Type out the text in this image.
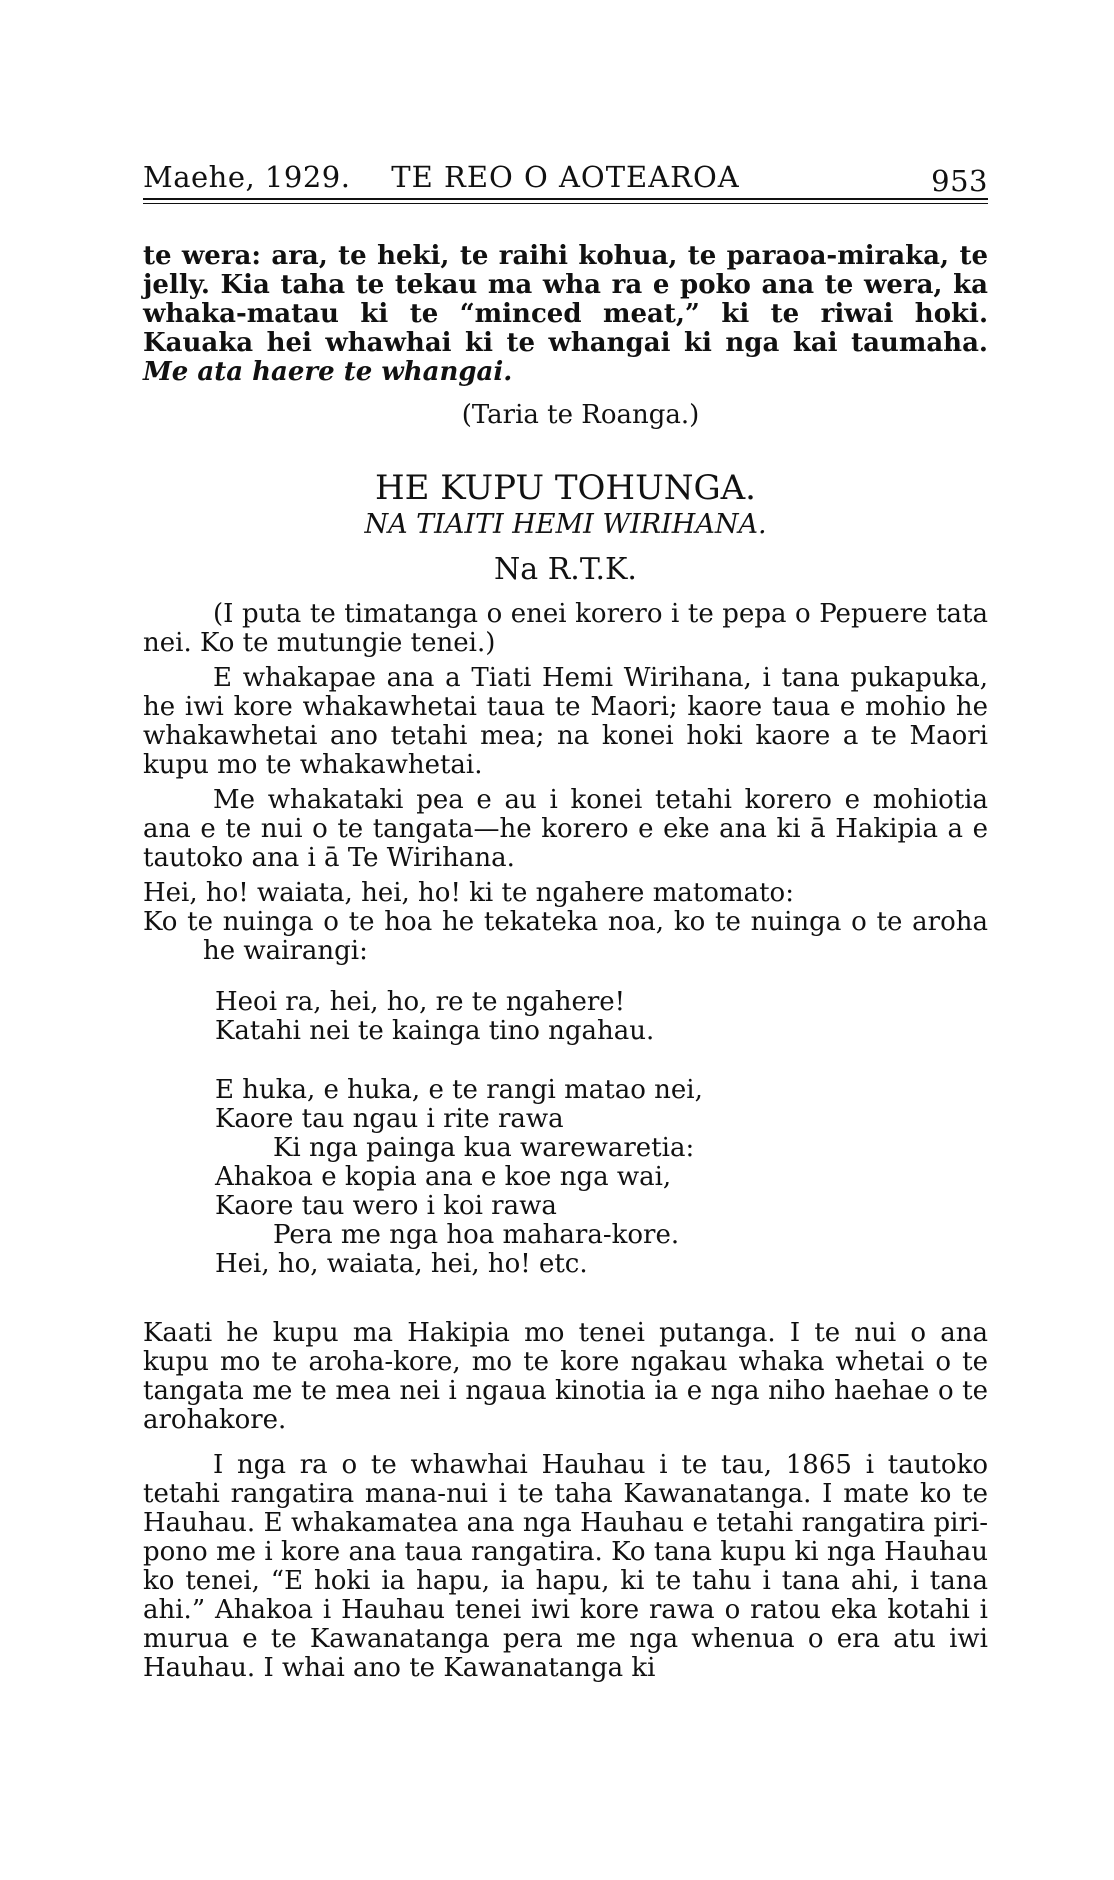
Maehe, 1929.	TE REO O AOTEAROA	953

te wera: ara, te heki, te raihi kohua, te paraoa-miraka, te jelly. Kia taha te tekau ma wha ra e poko ana te wera, ka whaka-matau ki te “minced meat,” ki te riwai hoki. Kauaka hei whawhai ki te whangai ki nga kai taumaha. Me ata haere te whangai.

(Taria te Roanga.)

HE KUPU TOHUNGA.
NA TIAITI HEMI WIRIHANA.
Na R.T.K.

(I puta te timatanga o enei korero i te pepa o Pepuere tata nei. Ko te mutungie tenei.)

E whakapae ana a Tiati Hemi Wirihana, i tana pukapuka, he iwi kore whakawhetai taua te Maori; kaore taua e mohio he whakawhetai ano tetahi mea; na konei hoki kaore a te Maori kupu mo te whakawhetai.

Me whakataki pea e au i konei tetahi korero e mohiotia ana e te nui o te tangata—he korero e eke ana ki ā Hakipia a e tautoko ana i ā Te Wirihana.

Hei, ho! waiata, hei, ho! ki te ngahere matomato:

Ko te nuinga o te hoa he tekateka noa, ko te nuinga o te aroha he wairangi:

Heoi ra, hei, ho, re te ngahere!
Katahi nei te kainga tino ngahau.
E huka, e huka, e te rangi matao nei,
Kaore tau ngau i rite rawa
Ki nga painga kua warewaretia:
Ahakoa e kopia ana e koe nga wai,
Kaore tau wero i koi rawa
Pera me nga hoa mahara-kore.
Hei, ho, waiata, hei, ho! etc.

Kaati he kupu ma Hakipia mo tenei putanga. I te nui o ana kupu mo te aroha-kore, mo te kore ngakau whaka whetai o te tangata me te mea nei i ngaua kinotia ia e nga niho haehae o te arohakore.

I nga ra o te whawhai Hauhau i te tau, 1865 i tautoko tetahi rangatira mana-nui i te taha Kawanatanga. I mate ko te Hauhau. E whakamatea ana nga Hauhau e tetahi rangatira piri-pono me i kore ana taua rangatira. Ko tana kupu ki nga Hauhau ko tenei, “E hoki ia hapu, ia hapu, ki te tahu i tana ahi, i tana ahi.” Ahakoa i Hauhau tenei iwi kore rawa o ratou eka kotahi i murua e te Kawanatanga pera me nga whenua o era atu iwi Hauhau. I whai ano te Kawanatanga ki
